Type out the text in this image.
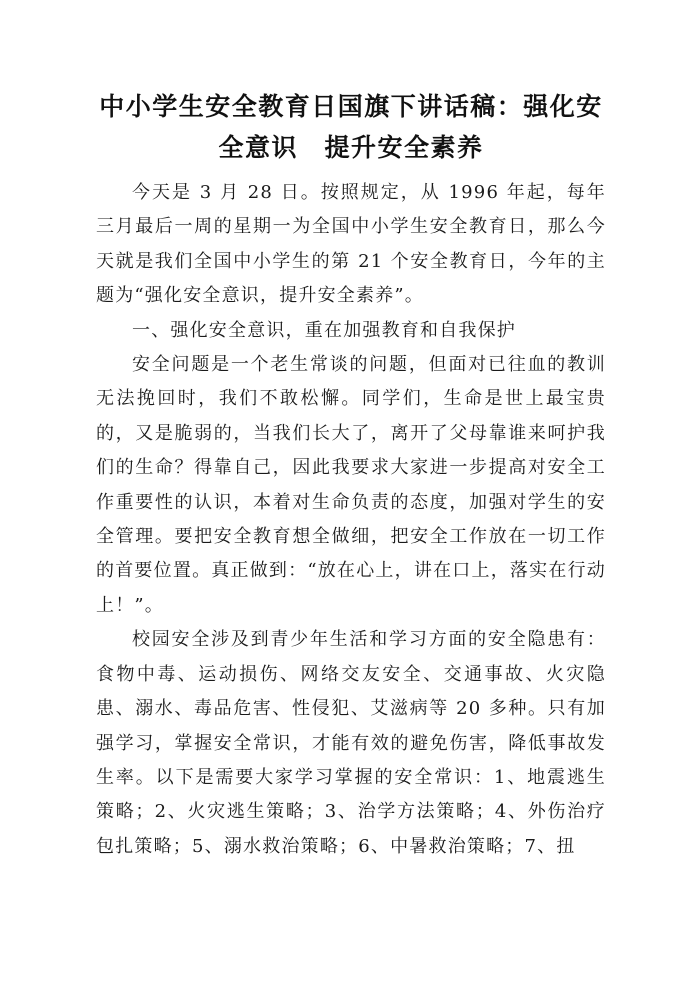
中小学生安全教育日国旗下讲话稿：强化安全意识　提升安全素养

今天是 3 月 28 日。按照规定，从 1996 年起，每年三月最后一周的星期一为全国中小学生安全教育日，那么今天就是我们全国中小学生的第 21 个安全教育日，今年的主题为“强化安全意识，提升安全素养”。

一、强化安全意识，重在加强教育和自我保护

安全问题是一个老生常谈的问题，但面对已往血的教训无法挽回时，我们不敢松懈。同学们，生命是世上最宝贵的，又是脆弱的，当我们长大了，离开了父母靠谁来呵护我们的生命？得靠自己，因此我要求大家进一步提高对安全工作重要性的认识，本着对生命负责的态度，加强对学生的安全管理。要把安全教育想全做细，把安全工作放在一切工作的首要位置。真正做到：“放在心上，讲在口上，落实在行动上！”。

校园安全涉及到青少年生活和学习方面的安全隐患有：食物中毒、运动损伤、网络交友安全、交通事故、火灾隐患、溺水、毒品危害、性侵犯、艾滋病等 20 多种。只有加强学习，掌握安全常识，才能有效的避免伤害，降低事故发生率。以下是需要大家学习掌握的安全常识：1、地震逃生策略；2、火灾逃生策略；3、治学方法策略；4、外伤治疗包扎策略；5、溺水救治策略；6、中暑救治策略；7、扭
